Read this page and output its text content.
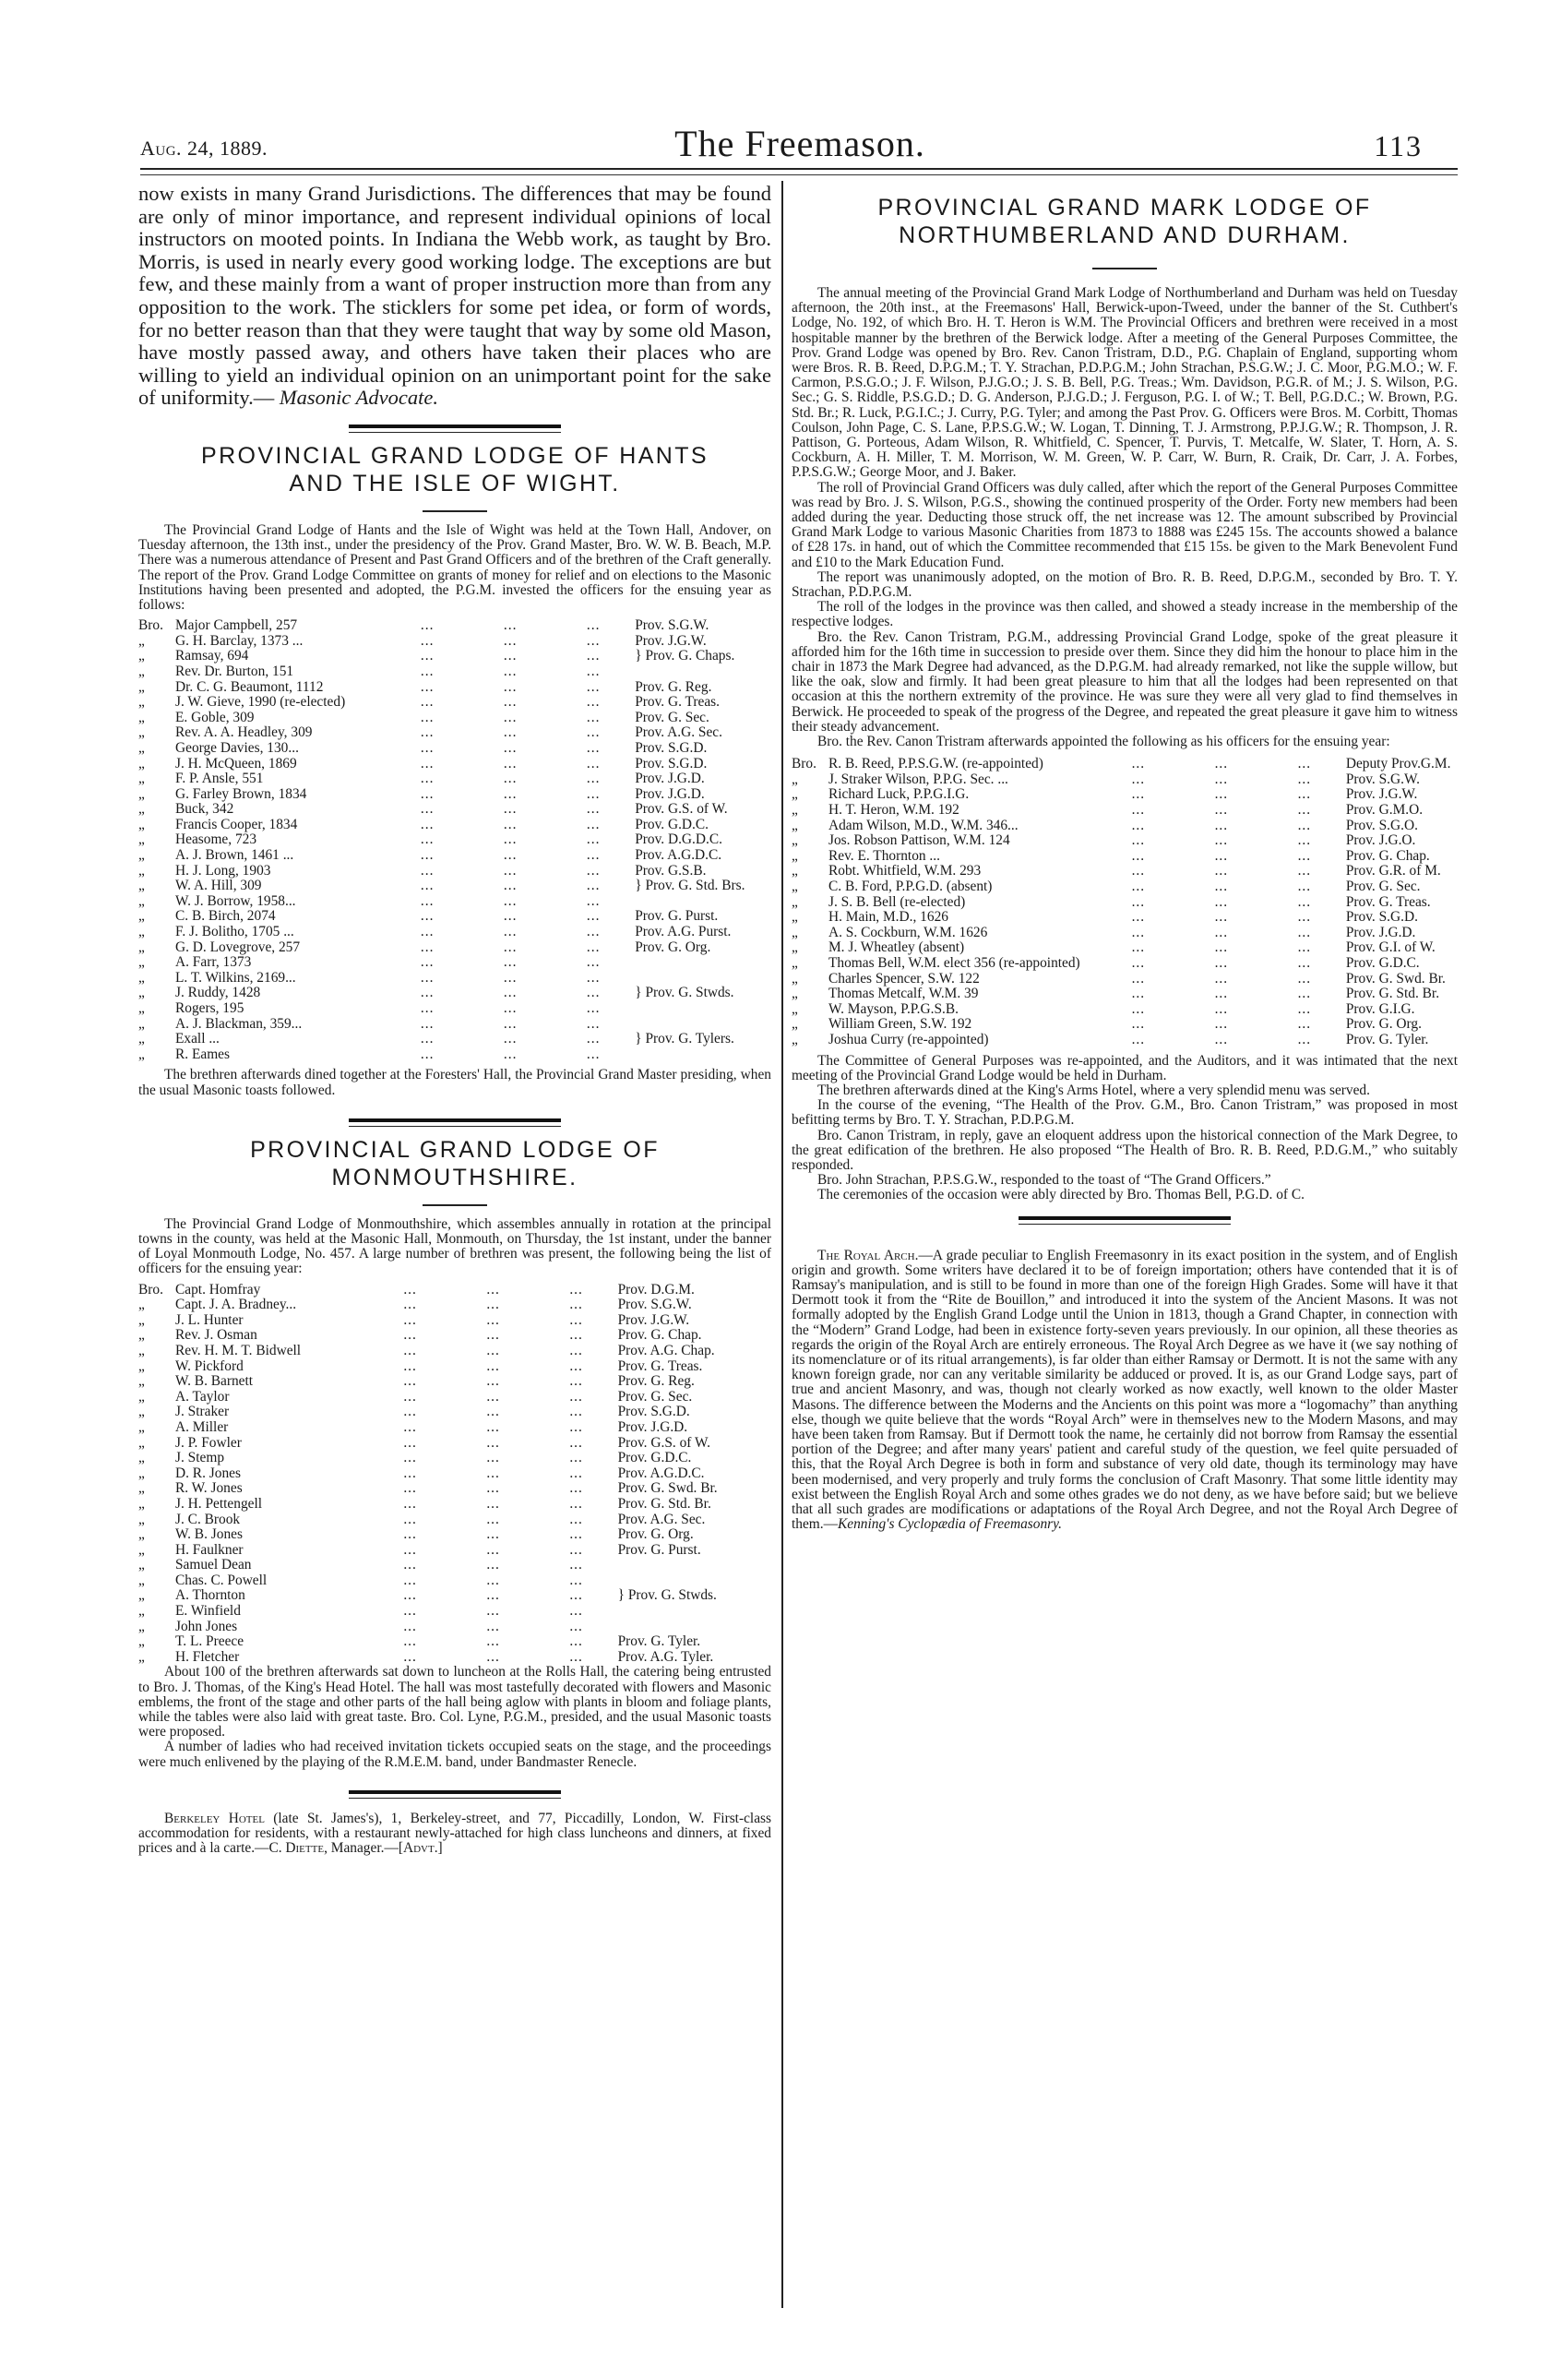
Aug. 24, 1889.	The Freemason.	113

now exists in many Grand Jurisdictions. The differences that may be found are only of minor importance, and represent individual opinions of local instructors on mooted points. In Indiana the Webb work, as taught by Bro. Morris, is used in nearly every good working lodge. The exceptions are but few, and these mainly from a want of proper instruction more than from any opposition to the work. The sticklers for some pet idea, or form of words, for no better reason than that they were taught that way by some old Mason, have mostly passed away, and others have taken their places who are willing to yield an individual opinion on an unimportant point for the sake of uniformity.— Masonic Advocate.

PROVINCIAL GRAND LODGE OF HANTS
AND THE ISLE OF WIGHT.

The Provincial Grand Lodge of Hants and the Isle of Wight was held at the Town Hall, Andover, on Tuesday afternoon, the 13th inst., under the presidency of the Prov. Grand Master, Bro. W. W. B. Beach, M.P. There was a numerous attendance of Present and Past Grand Officers and of the brethren of the Craft generally. The report of the Prov. Grand Lodge Committee on grants of money for relief and on elections to the Masonic Institutions having been presented and adopted, the P.G.M. invested the officers for the ensuing year as follows:

Bro.	Major Campbell, 257	...	...	...	Prov. S.G.W.
„	G. H. Barclay, 1373 ...	...	...	...	Prov. J.G.W.
„	Ramsay, 694	...	...	...	} Prov. G. Chaps.
„	Rev. Dr. Burton, 151	...	...	...	
„	Dr. C. G. Beaumont, 1112	...	...	...	Prov. G. Reg.
„	J. W. Gieve, 1990 (re-elected)	...	...	...	Prov. G. Treas.
„	E. Goble, 309	...	...	...	Prov. G. Sec.
„	Rev. A. A. Headley, 309	...	...	...	Prov. A.G. Sec.
„	George Davies, 130...	...	...	...	Prov. S.G.D.
„	J. H. McQueen, 1869	...	...	...	Prov. S.G.D.
„	F. P. Ansle, 551	...	...	...	Prov. J.G.D.
„	G. Farley Brown, 1834	...	...	...	Prov. J.G.D.
„	Buck, 342	...	...	...	Prov. G.S. of W.
„	Francis Cooper, 1834	...	...	...	Prov. G.D.C.
„	Heasome, 723	...	...	...	Prov. D.G.D.C.
„	A. J. Brown, 1461 ...	...	...	...	Prov. A.G.D.C.
„	H. J. Long, 1903	...	...	...	Prov. G.S.B.
„	W. A. Hill, 309	...	...	...	} Prov. G. Std. Brs.
„	W. J. Borrow, 1958...	...	...	...	
„	C. B. Birch, 2074	...	...	...	Prov. G. Purst.
„	F. J. Bolitho, 1705 ...	...	...	...	Prov. A.G. Purst.
„	G. D. Lovegrove, 257	...	...	...	Prov. G. Org.
„	A. Farr, 1373	...	...	...	
„	L. T. Wilkins, 2169...	...	...	...	
„	J. Ruddy, 1428	...	...	...	} Prov. G. Stwds.
„	Rogers, 195	...	...	...	
„	A. J. Blackman, 359...	...	...	...	
„	Exall ...	...	...	...	} Prov. G. Tylers.
„	R. Eames	...	...	...	

The brethren afterwards dined together at the Foresters' Hall, the Provincial Grand Master presiding, when the usual Masonic toasts followed.

PROVINCIAL GRAND LODGE OF
MONMOUTHSHIRE.

The Provincial Grand Lodge of Monmouthshire, which assembles annually in rotation at the principal towns in the county, was held at the Masonic Hall, Monmouth, on Thursday, the 1st instant, under the banner of Loyal Monmouth Lodge, No. 457. A large number of brethren was present, the following being the list of officers for the ensuing year:

Bro.	Capt. Homfray	...	...	...	Prov. D.G.M.
„	Capt. J. A. Bradney...	...	...	...	Prov. S.G.W.
„	J. L. Hunter	...	...	...	Prov. J.G.W.
„	Rev. J. Osman	...	...	...	Prov. G. Chap.
„	Rev. H. M. T. Bidwell	...	...	...	Prov. A.G. Chap.
„	W. Pickford	...	...	...	Prov. G. Treas.
„	W. B. Barnett	...	...	...	Prov. G. Reg.
„	A. Taylor	...	...	...	Prov. G. Sec.
„	J. Straker	...	...	...	Prov. S.G.D.
„	A. Miller	...	...	...	Prov. J.G.D.
„	J. P. Fowler	...	...	...	Prov. G.S. of W.
„	J. Stemp	...	...	...	Prov. G.D.C.
„	D. R. Jones	...	...	...	Prov. A.G.D.C.
„	R. W. Jones	...	...	...	Prov. G. Swd. Br.
„	J. H. Pettengell	...	...	...	Prov. G. Std. Br.
„	J. C. Brook	...	...	...	Prov. A.G. Sec.
„	W. B. Jones	...	...	...	Prov. G. Org.
„	H. Faulkner	...	...	...	Prov. G. Purst.
„	Samuel Dean	...	...	...	
„	Chas. C. Powell	...	...	...	
„	A. Thornton	...	...	...	} Prov. G. Stwds.
„	E. Winfield	...	...	...	
„	John Jones	...	...	...	
„	T. L. Preece	...	...	...	Prov. G. Tyler.
„	H. Fletcher	...	...	...	Prov. A.G. Tyler.

About 100 of the brethren afterwards sat down to luncheon at the Rolls Hall, the catering being entrusted to Bro. J. Thomas, of the King's Head Hotel. The hall was most tastefully decorated with flowers and Masonic emblems, the front of the stage and other parts of the hall being aglow with plants in bloom and foliage plants, while the tables were also laid with great taste. Bro. Col. Lyne, P.G.M., presided, and the usual Masonic toasts were proposed.

A number of ladies who had received invitation tickets occupied seats on the stage, and the proceedings were much enlivened by the playing of the R.M.E.M. band, under Bandmaster Renecle.

Berkeley Hotel (late St. James's), 1, Berkeley-street, and 77, Piccadilly, London, W. First-class accommodation for residents, with a restaurant newly-attached for high class luncheons and dinners, at fixed prices and à la carte.—C. Diette, Manager.—[Advt.]

PROVINCIAL GRAND MARK LODGE OF
NORTHUMBERLAND AND DURHAM.

The annual meeting of the Provincial Grand Mark Lodge of Northumberland and Durham was held on Tuesday afternoon, the 20th inst., at the Freemasons' Hall, Berwick-upon-Tweed, under the banner of the St. Cuthbert's Lodge, No. 192, of which Bro. H. T. Heron is W.M. The Provincial Officers and brethren were received in a most hospitable manner by the brethren of the Berwick lodge. After a meeting of the General Purposes Committee, the Prov. Grand Lodge was opened by Bro. Rev. Canon Tristram, D.D., P.G. Chaplain of England, supporting whom were Bros. R. B. Reed, D.P.G.M.; T. Y. Strachan, P.D.P.G.M.; John Strachan, P.S.G.W.; J. C. Moor, P.G.M.O.; W. F. Carmon, P.S.G.O.; J. F. Wilson, P.J.G.O.; J. S. B. Bell, P.G. Treas.; Wm. Davidson, P.G.R. of M.; J. S. Wilson, P.G. Sec.; G. S. Riddle, P.S.G.D.; D. G. Anderson, P.J.G.D.; J. Ferguson, P.G. I. of W.; T. Bell, P.G.D.C.; W. Brown, P.G. Std. Br.; R. Luck, P.G.I.C.; J. Curry, P.G. Tyler; and among the Past Prov. G. Officers were Bros. M. Corbitt, Thomas Coulson, John Page, C. S. Lane, P.P.S.G.W.; W. Logan, T. Dinning, T. J. Armstrong, P.P.J.G.W.; R. Thompson, J. R. Pattison, G. Porteous, Adam Wilson, R. Whitfield, C. Spencer, T. Purvis, T. Metcalfe, W. Slater, T. Horn, A. S. Cockburn, A. H. Miller, T. M. Morrison, W. M. Green, W. P. Carr, W. Burn, R. Craik, Dr. Carr, J. A. Forbes, P.P.S.G.W.; George Moor, and J. Baker.

The roll of Provincial Grand Officers was duly called, after which the report of the General Purposes Committee was read by Bro. J. S. Wilson, P.G.S., showing the continued prosperity of the Order. Forty new members had been added during the year. Deducting those struck off, the net increase was 12. The amount subscribed by Provincial Grand Mark Lodge to various Masonic Charities from 1873 to 1888 was £245 15s. The accounts showed a balance of £28 17s. in hand, out of which the Committee recommended that £15 15s. be given to the Mark Benevolent Fund and £10 to the Mark Education Fund.

The report was unanimously adopted, on the motion of Bro. R. B. Reed, D.P.G.M., seconded by Bro. T. Y. Strachan, P.D.P.G.M.

The roll of the lodges in the province was then called, and showed a steady increase in the membership of the respective lodges.

Bro. the Rev. Canon Tristram, P.G.M., addressing Provincial Grand Lodge, spoke of the great pleasure it afforded him for the 16th time in succession to preside over them. Since they did him the honour to place him in the chair in 1873 the Mark Degree had advanced, as the D.P.G.M. had already remarked, not like the supple willow, but like the oak, slow and firmly. It had been great pleasure to him that all the lodges had been represented on that occasion at this the northern extremity of the province. He was sure they were all very glad to find themselves in Berwick. He proceeded to speak of the progress of the Degree, and repeated the great pleasure it gave him to witness their steady advancement.

Bro. the Rev. Canon Tristram afterwards appointed the following as his officers for the ensuing year:

Bro.	R. B. Reed, P.P.S.G.W. (re-appointed)	...	...	...	Deputy Prov.G.M.
„	J. Straker Wilson, P.P.G. Sec. ...	...	...	...	Prov. S.G.W.
„	Richard Luck, P.P.G.I.G.	...	...	...	Prov. J.G.W.
„	H. T. Heron, W.M. 192	...	...	...	Prov. G.M.O.
„	Adam Wilson, M.D., W.M. 346...	...	...	...	Prov. S.G.O.
„	Jos. Robson Pattison, W.M. 124	...	...	...	Prov. J.G.O.
„	Rev. E. Thornton ...	...	...	...	Prov. G. Chap.
„	Robt. Whitfield, W.M. 293	...	...	...	Prov. G.R. of M.
„	C. B. Ford, P.P.G.D. (absent)	...	...	...	Prov. G. Sec.
„	J. S. B. Bell (re-elected)	...	...	...	Prov. G. Treas.
„	H. Main, M.D., 1626	...	...	...	Prov. S.G.D.
„	A. S. Cockburn, W.M. 1626	...	...	...	Prov. J.G.D.
„	M. J. Wheatley (absent)	...	...	...	Prov. G.I. of W.
„	Thomas Bell, W.M. elect 356 (re-appointed)	...	...	...	Prov. G.D.C.
„	Charles Spencer, S.W. 122	...	...	...	Prov. G. Swd. Br.
„	Thomas Metcalf, W.M. 39	...	...	...	Prov. G. Std. Br.
„	W. Mayson, P.P.G.S.B.	...	...	...	Prov. G.I.G.
„	William Green, S.W. 192	...	...	...	Prov. G. Org.
„	Joshua Curry (re-appointed)	...	...	...	Prov. G. Tyler.

The Committee of General Purposes was re-appointed, and the Auditors, and it was intimated that the next meeting of the Provincial Grand Lodge would be held in Durham.

The brethren afterwards dined at the King's Arms Hotel, where a very splendid menu was served.

In the course of the evening, “The Health of the Prov. G.M., Bro. Canon Tristram,” was proposed in most befitting terms by Bro. T. Y. Strachan, P.D.P.G.M.

Bro. Canon Tristram, in reply, gave an eloquent address upon the historical connection of the Mark Degree, to the great edification of the brethren. He also proposed “The Health of Bro. R. B. Reed, P.D.G.M.,” who suitably responded.

Bro. John Strachan, P.P.S.G.W., responded to the toast of “The Grand Officers.”

The ceremonies of the occasion were ably directed by Bro. Thomas Bell, P.G.D. of C.

The Royal Arch.—A grade peculiar to English Freemasonry in its exact position in the system, and of English origin and growth. Some writers have declared it to be of foreign importation; others have contended that it is of Ramsay's manipulation, and is still to be found in more than one of the foreign High Grades. Some will have it that Dermott took it from the “Rite de Bouillon,” and introduced it into the system of the Ancient Masons. It was not formally adopted by the English Grand Lodge until the Union in 1813, though a Grand Chapter, in connection with the “Modern” Grand Lodge, had been in existence forty-seven years previously. In our opinion, all these theories as regards the origin of the Royal Arch are entirely erroneous. The Royal Arch Degree as we have it (we say nothing of its nomenclature or of its ritual arrangements), is far older than either Ramsay or Dermott. It is not the same with any known foreign grade, nor can any veritable similarity be adduced or proved. It is, as our Grand Lodge says, part of true and ancient Masonry, and was, though not clearly worked as now exactly, well known to the older Master Masons. The difference between the Moderns and the Ancients on this point was more a “logomachy” than anything else, though we quite believe that the words “Royal Arch” were in themselves new to the Modern Masons, and may have been taken from Ramsay. But if Dermott took the name, he certainly did not borrow from Ramsay the essential portion of the Degree; and after many years' patient and careful study of the question, we feel quite persuaded of this, that the Royal Arch Degree is both in form and substance of very old date, though its terminology may have been modernised, and very properly and truly forms the conclusion of Craft Masonry. That some little identity may exist between the English Royal Arch and some othes grades we do not deny, as we have before said; but we believe that all such grades are modifications or adaptations of the Royal Arch Degree, and not the Royal Arch Degree of them.—Kenning's Cyclopædia of Freemasonry.
